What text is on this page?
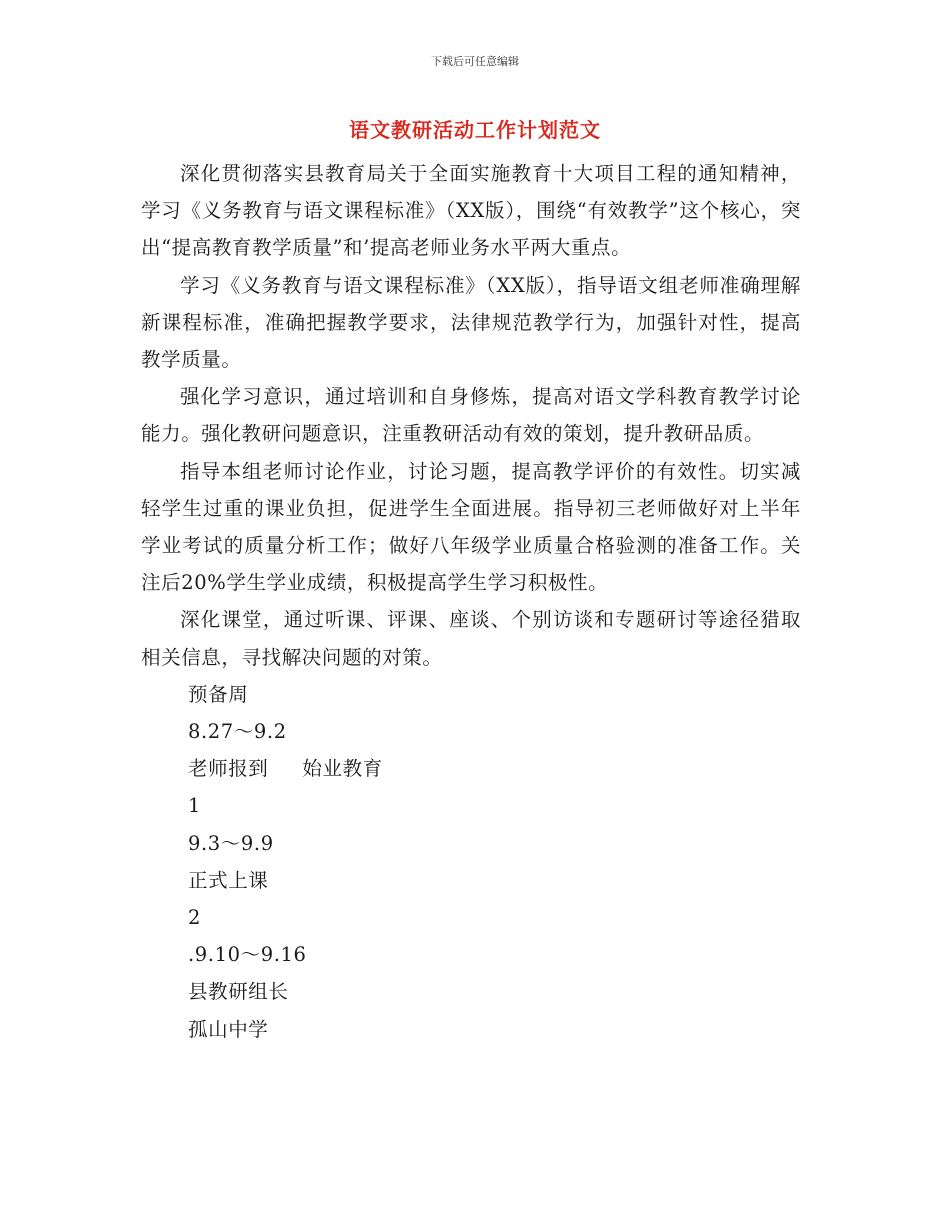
下载后可任意编辑
语文教研活动工作计划范文

深化贯彻落实县教育局关于全面实施教育十大项目工程的通知精神，学习《义务教育与语文课程标准》（XX版），围绕“有效教学”这个核心，突出“提高教育教学质量”和’提高老师业务水平两大重点。

学习《义务教育与语文课程标准》（XX版），指导语文组老师准确理解新课程标准，准确把握教学要求，法律规范教学行为，加强针对性，提高教学质量。

强化学习意识，通过培训和自身修炼，提高对语文学科教育教学讨论能力。强化教研问题意识，注重教研活动有效的策划，提升教研品质。

指导本组老师讨论作业，讨论习题，提高教学评价的有效性。切实减轻学生过重的课业负担，促进学生全面进展。指导初三老师做好对上半年学业考试的质量分析工作；做好八年级学业质量合格验测的准备工作。关注后20%学生学业成绩，积极提高学生学习积极性。

深化课堂，通过听课、评课、座谈、个别访谈和专题研讨等途径猎取相关信息，寻找解决问题的对策。

预备周

8.27～9.2

老师报到     始业教育

1

9.3～9.9

正式上课

2

.9.10～9.16

县教研组长

孤山中学
